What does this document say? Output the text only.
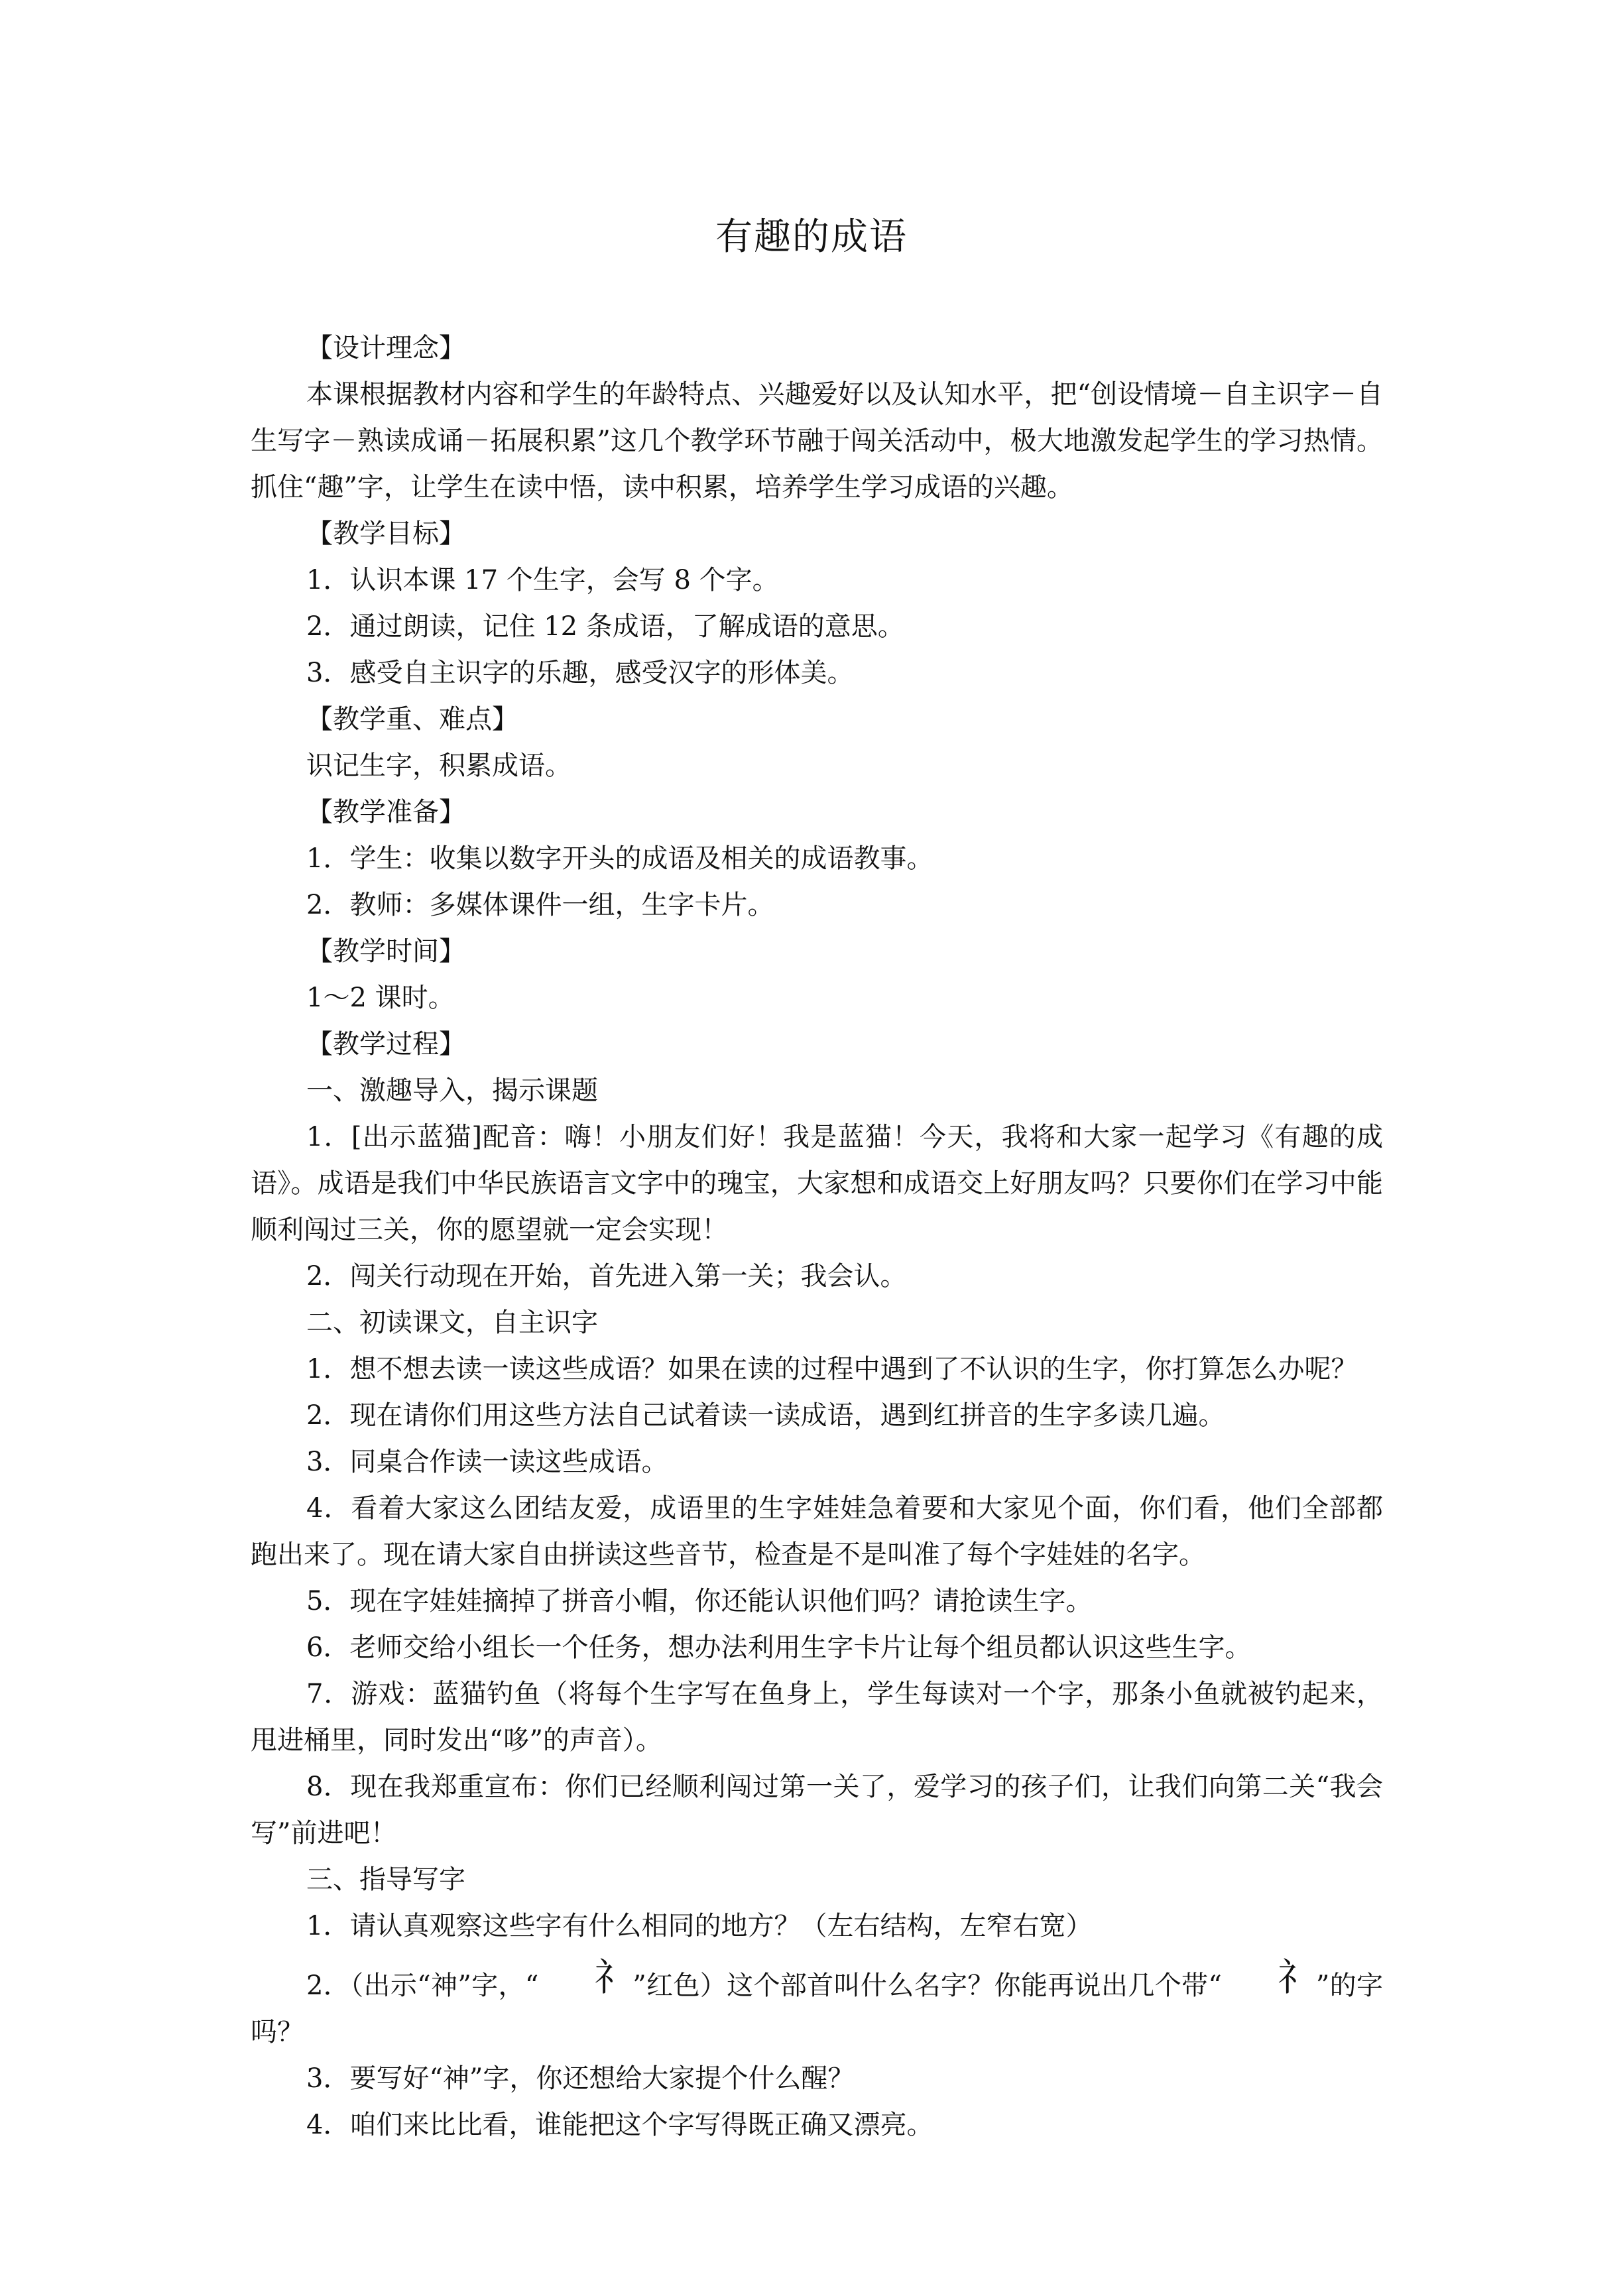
有趣的成语

【设计理念】

本课根据教材内容和学生的年龄特点、兴趣爱好以及认知水平，把“创设情境－自主识字－自生写字－熟读成诵－拓展积累”这几个教学环节融于闯关活动中，极大地激发起学生的学习热情。抓住“趣”字，让学生在读中悟，读中积累，培养学生学习成语的兴趣。

【教学目标】

1．认识本课 17 个生字，会写 8 个字。

2．通过朗读，记住 12 条成语，了解成语的意思。

3．感受自主识字的乐趣，感受汉字的形体美。

【教学重、难点】

识记生字，积累成语。

【教学准备】

1．学生：收集以数字开头的成语及相关的成语教事。

2．教师：多媒体课件一组，生字卡片。

【教学时间】

1～2 课时。

【教学过程】

一、激趣导入，揭示课题

1．[出示蓝猫]配音：嗨！小朋友们好！我是蓝猫！今天，我将和大家一起学习《有趣的成语》。成语是我们中华民族语言文字中的瑰宝，大家想和成语交上好朋友吗？只要你们在学习中能顺利闯过三关，你的愿望就一定会实现！

2．闯关行动现在开始，首先进入第一关；我会认。

二、初读课文，自主识字

1．想不想去读一读这些成语？如果在读的过程中遇到了不认识的生字，你打算怎么办呢？

2．现在请你们用这些方法自己试着读一读成语，遇到红拼音的生字多读几遍。

3．同桌合作读一读这些成语。

4．看着大家这么团结友爱，成语里的生字娃娃急着要和大家见个面，你们看，他们全部都跑出来了。现在请大家自由拼读这些音节，检查是不是叫准了每个字娃娃的名字。

5．现在字娃娃摘掉了拼音小帽，你还能认识他们吗？请抢读生字。

6．老师交给小组长一个任务，想办法利用生字卡片让每个组员都认识这些生字。

7．游戏：蓝猫钓鱼（将每个生字写在鱼身上，学生每读对一个字，那条小鱼就被钓起来，甩进桶里，同时发出“哆”的声音）。

8．现在我郑重宣布：你们已经顺利闯过第一关了，爱学习的孩子们，让我们向第二关“我会写”前进吧！

三、指导写字

1．请认真观察这些字有什么相同的地方？（左右结构，左窄右宽）

2．（出示“神”字，“ 礻”红色）这个部首叫什么名字？你能再说出几个带“ 礻”的字吗？

3．要写好“神”字，你还想给大家提个什么醒？

4．咱们来比比看，谁能把这个字写得既正确又漂亮。
